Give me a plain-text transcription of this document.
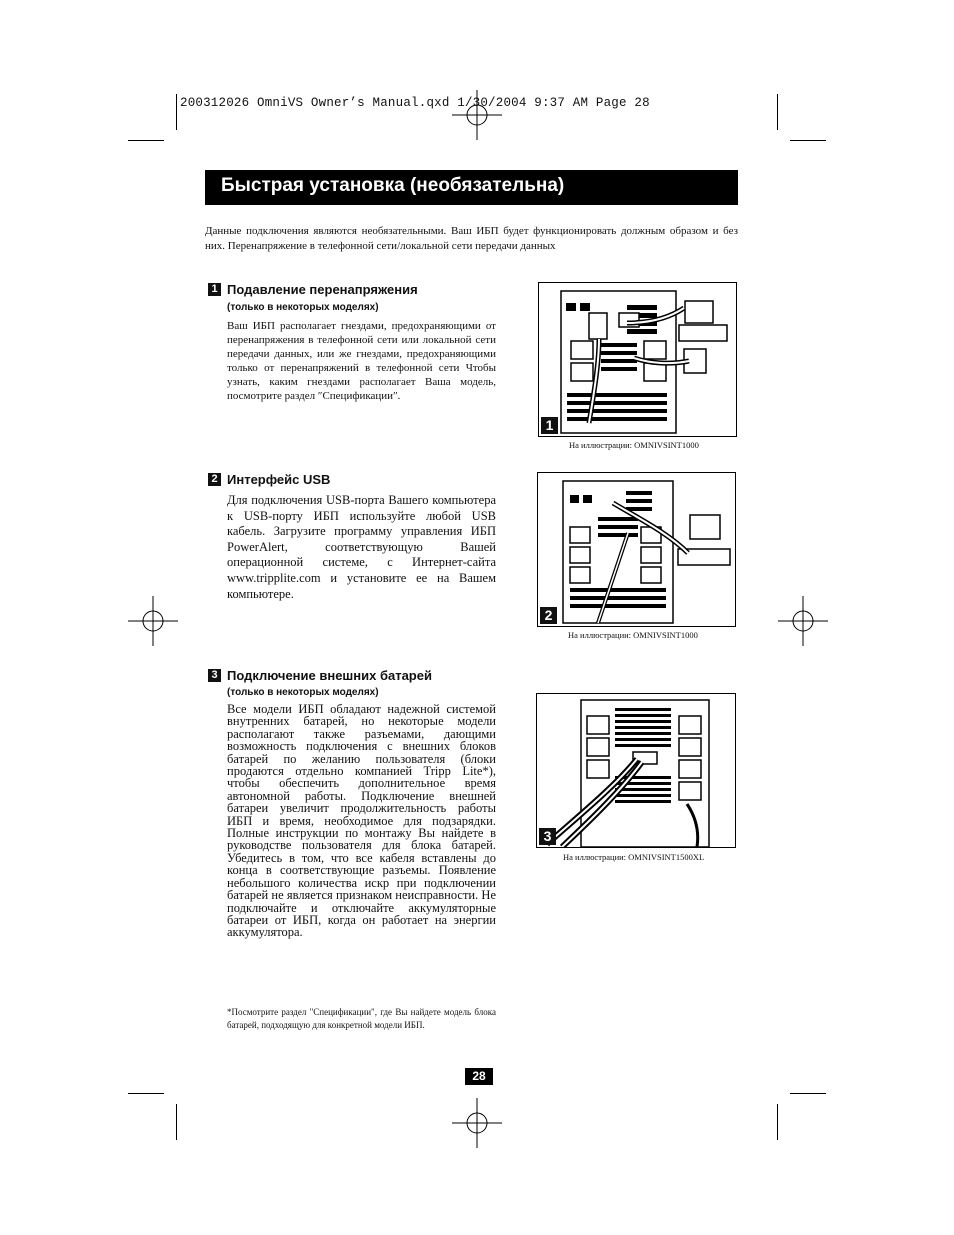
200312026 OmniVS Owner’s Manual.qxd 1/30/2004 9:37 AM Page 28
Быстрая установка (необязательна)
Данные подключения являются необязательными. Ваш ИБП будет функционировать должным образом и без них. Перенапряжение в телефонной сети/локальной сети передачи данных
1 Подавление перенапряжения
(только в некоторых моделях)
Ваш ИБП располагает гнездами, предохраняющими от перенапряжения в телефонной сети или локальной сети передачи данных, или же гнездами, предохраняющими только от перенапряжений в телефонной сети Чтобы узнать, каким гнездами располагает Ваша модель, посмотрите раздел ″Спецификации″.
1
На иллюстрации: OMNIVSINT1000
2 Интерфейс USB
Для подключения USB-порта Вашего компьютера к USB-порту ИБП используйте любой USB кабель. Загрузите программу управления ИБП PowerAlert, соответствующую Вашей операционной системе, с Интернет-сайта www.tripplite.com и установите ее на Вашем компьютере.
2
На иллюстрации: OMNIVSINT1000
3 Подключение внешних батарей
(только в некоторых моделях)
Все модели ИБП обладают надежной системой внутренних батарей, но некоторые модели располагают также разъемами, дающими возможность подключения с внешних блоков батарей по желанию пользователя (блоки продаются отдельно компанией Tripp Lite*), чтобы обеспечить дополнительное время автономной работы. Подключение внешней батареи увеличит продолжительность работы ИБП и время, необходимое для подзарядки. Полные инструкции по монтажу Вы найдете в руководстве пользователя для блока батарей. Убедитесь в том, что все кабеля вставлены до конца в соответствующие разъемы. Появление небольшого количества искр при подключении батарей не является признаком неисправности. Не подключайте и отключайте аккумуляторные батареи от ИБП, когда он работает на энергии аккумулятора.
3
На иллюстрации: OMNIVSINT1500XL
*Посмотрите раздел "Спецификации", где Вы найдете модель блока батарей, подходящую для конкретной модели ИБП.
28
